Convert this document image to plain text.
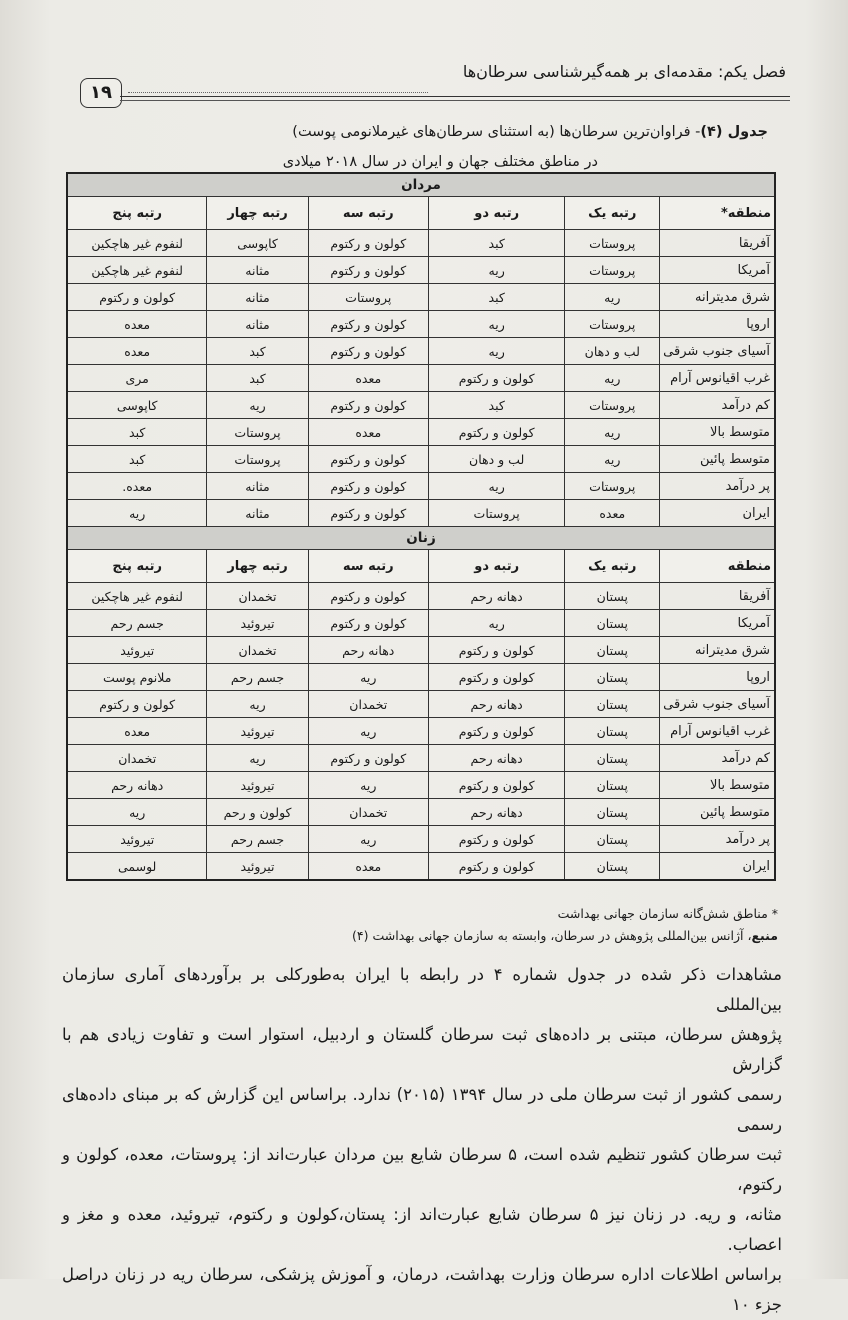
۱۹
فصل یکم: مقدمه‌ای بر همه‌گیرشناسی سرطان‌ها
جدول (۴)- فراوان‌ترین سرطان‌ها (به استثنای سرطان‌های غیرملانومی پوست)
در مناطق مختلف جهان و ایران در سال ۲۰۱۸ میلادی
مردان					
منطقه*	رتبه یک	رتبه دو	رتبه سه	رتبه چهار	رتبه پنج
آفریقا	پروستات	کبد	کولون و رکتوم	کاپوسی	لنفوم غیر هاچکین
آمریکا	پروستات	ریه	کولون و رکتوم	مثانه	لنفوم غیر هاچکین
شرق مدیترانه	ریه	کبد	پروستات	مثانه	کولون و رکتوم
اروپا	پروستات	ریه	کولون و رکتوم	مثانه	معده
آسیای جنوب شرقی	لب و دهان	ریه	کولون و رکتوم	کبد	معده
غرب اقیانوس آرام	ریه	کولون و رکتوم	معده	کبد	مری
کم درآمد	پروستات	کبد	کولون و رکتوم	ریه	کاپوسی
متوسط بالا	ریه	کولون و رکتوم	معده	پروستات	کبد
متوسط پائین	ریه	لب و دهان	کولون و رکتوم	پروستات	کبد
پر درآمد	پروستات	ریه	کولون و رکتوم	مثانه	معده.
ایران	معده	پروستات	کولون و رکتوم	مثانه	ریه
زنان					
منطقه	رتبه یک	رتبه دو	رتبه سه	رتبه چهار	رتبه پنج
آفریقا	پستان	دهانه رحم	کولون و رکتوم	تخمدان	لنفوم غیر هاچکین
آمریکا	پستان	ریه	کولون و رکتوم	تیروئید	جسم رحم
شرق مدیترانه	پستان	کولون و رکتوم	دهانه رحم	تخمدان	تیروئید
اروپا	پستان	کولون و رکتوم	ریه	جسم رحم	ملانوم پوست
آسیای جنوب شرقی	پستان	دهانه رحم	تخمدان	ریه	کولون و رکتوم
غرب اقیانوس آرام	پستان	کولون و رکتوم	ریه	تیروئید	معده
کم درآمد	پستان	دهانه رحم	کولون و رکتوم	ریه	تخمدان
متوسط بالا	پستان	کولون و رکتوم	ریه	تیروئید	دهانه رحم
متوسط پائین	پستان	دهانه رحم	تخمدان	کولون و رحم	ریه
پر درآمد	پستان	کولون و رکتوم	ریه	جسم رحم	تیروئید
ایران	پستان	کولون و رکتوم	معده	تیروئید	لوسمی
* مناطق شش‌گانه سازمان جهانی بهداشت
منبع، آژانس بین‌المللی پژوهش در سرطان، وابسته به سازمان جهانی بهداشت (۴)

مشاهدات ذکر شده در جدول شماره ۴ در رابطه با ایران به‌طورکلی بر برآوردهای آماری سازمان بین‌المللی

پژوهش سرطان، مبتنی بر داده‌های ثبت سرطان گلستان و اردبیل، استوار است و تفاوت زیادی هم با گزارش

رسمی کشور از ثبت سرطان ملی در سال ۱۳۹۴ (۲۰۱۵) ندارد. براساس این گزارش که بر مبنای داده‌های رسمی

ثبت سرطان کشور تنظیم شده است، ۵ سرطان شایع بین مردان عبارت‌اند از: پروستات، معده، کولون و رکتوم،

مثانه، و ریه. در زنان نیز ۵ سرطان شایع عبارت‌اند از: پستان،کولون و رکتوم، تیروئید، معده و مغز و اعصاب.

براساس اطلاعات اداره سرطان وزارت بهداشت، درمان، و آموزش پزشکی، سرطان ریه در زنان دراصل جزء ۱۰
